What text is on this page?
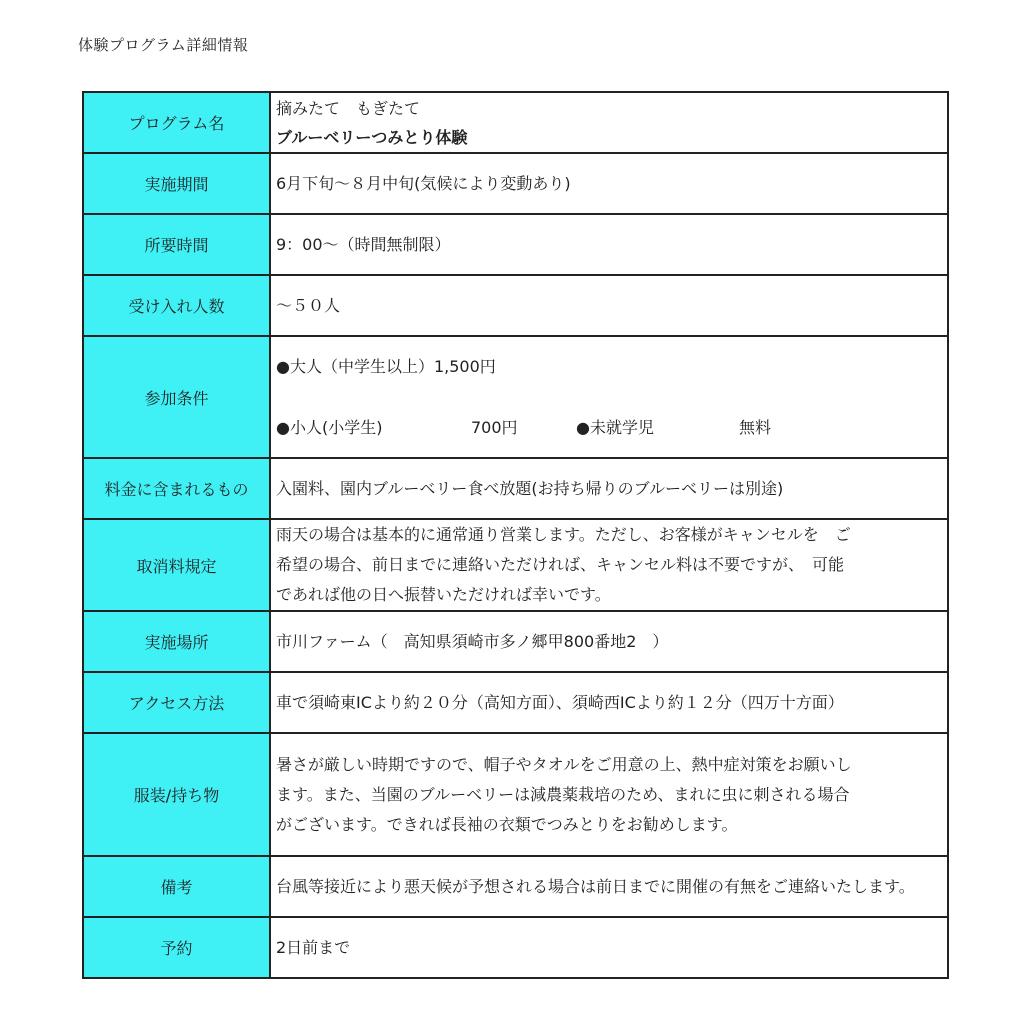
体験プログラム詳細情報
プログラム名	摘みたて　もぎたて
ブルーベリーつみとり体験

実施期間	6月下旬〜８月中旬(気候により変動あり)
所要時間	9：00〜（時間無制限）
受け入れ人数	〜５０人
参加条件	●大人（中学生以上）1,500円
●小人(小学生) 700円 ●未就学児 無料

料金に含まれるもの	入園料、園内ブルーベリー食べ放題(お持ち帰りのブルーベリーは別途)
取消料規定	雨天の場合は基本的に通常通り営業します。ただし、お客様がキャンセルを　ご
希望の場合、前日までに連絡いただければ、キャンセル料は不要ですが、　可能
であれば他の日へ振替いただければ幸いです。

実施場所	市川ファーム（　高知県須崎市多ノ郷甲800番地2　）
アクセス方法	車で須崎東ICより約２０分（高知方面）、須崎西ICより約１２分（四万十方面）
服装/持ち物	暑さが厳しい時期ですので、帽子やタオルをご用意の上、熱中症対策をお願いし
ます。また、当園のブルーベリーは減農薬栽培のため、まれに虫に刺される場合
がございます。できれば長袖の衣類でつみとりをお勧めします。

備考	台風等接近により悪天候が予想される場合は前日までに開催の有無をご連絡いたします。
予約	2日前まで
